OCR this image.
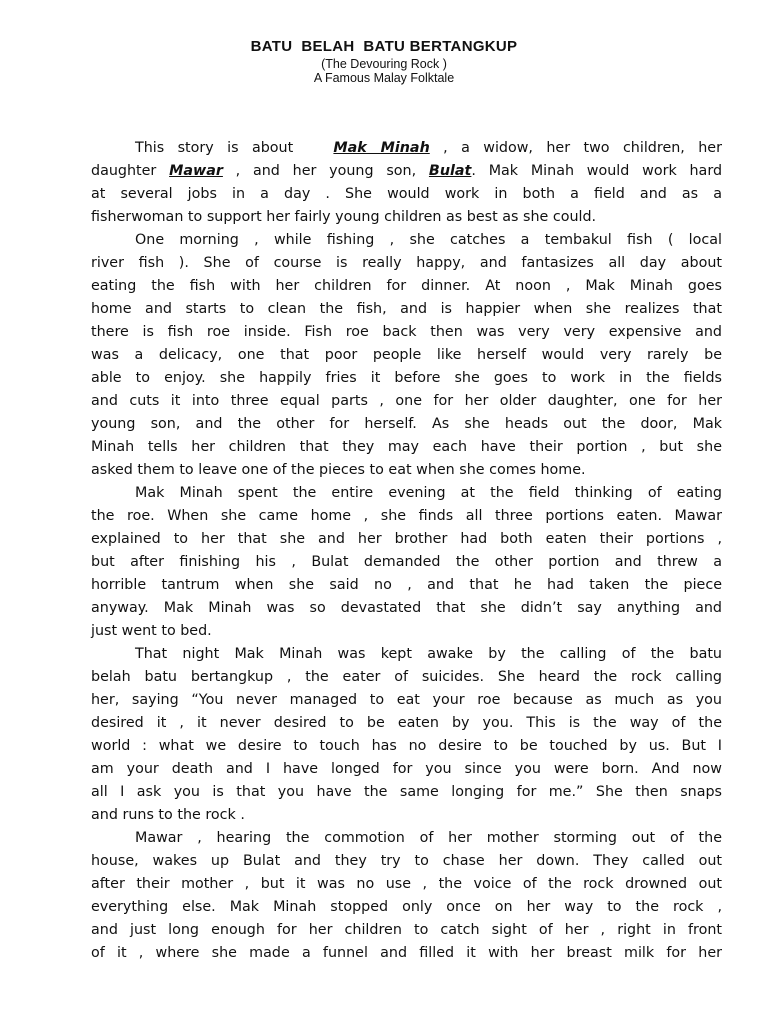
BATU  BELAH  BATU BERTANGKUP
(The Devouring Rock )
A Famous Malay Folktale
This story is about	Mak Minah , a widow, her two children, her
daughter Mawar , and her young son, Bulat. Mak Minah would work hard
at several jobs in a day . She would work in both a field and as a
fisherwoman to support her fairly young children as best as she could.
One morning , while fishing , she catches a tembakul fish ( local
river fish ). She of course is really happy, and fantasizes all day about
eating the fish with her children for dinner. At noon , Mak Minah goes
home and starts to clean the fish, and is happier when she realizes that
there is fish roe inside. Fish roe back then was very very expensive and
was a delicacy, one that poor people like herself would very rarely be
able to enjoy. she happily fries it before she goes to work in the fields
and cuts it into three equal parts , one for her older daughter, one for her
young son, and the other for herself. As she heads out the door, Mak
Minah tells her children that they may each have their portion , but she
asked them to leave one of the pieces to eat when she comes home.
Mak Minah spent the entire evening at the field thinking of eating
the roe. When she came home , she finds all three portions eaten. Mawar
explained to her that she and her brother had both eaten their portions ,
but after finishing his , Bulat demanded the other portion and threw a
horrible tantrum when she said no , and that he had taken the piece
anyway. Mak Minah was so devastated that she didn’t say anything and
just went to bed.
That night Mak Minah was kept awake by the calling of the batu
belah batu bertangkup , the eater of suicides. She heard the rock calling
her, saying “You never managed to eat your roe because as much as you
desired it , it never desired to be eaten by you. This is the way of the
world : what we desire to touch has no desire to be touched by us. But I
am your death and I have longed for you since you were born. And now
all I ask you is that you have the same longing for me.” She then snaps
and runs to the rock .
Mawar , hearing the commotion of her mother storming out of the
house, wakes up Bulat and they try to chase her down. They called out
after their mother , but it was no use , the voice of the rock drowned out
everything else. Mak Minah stopped only once on her way to the rock ,
and just long enough for her children to catch sight of her , right in front
of it , where she made a funnel and filled it with her breast milk for her
